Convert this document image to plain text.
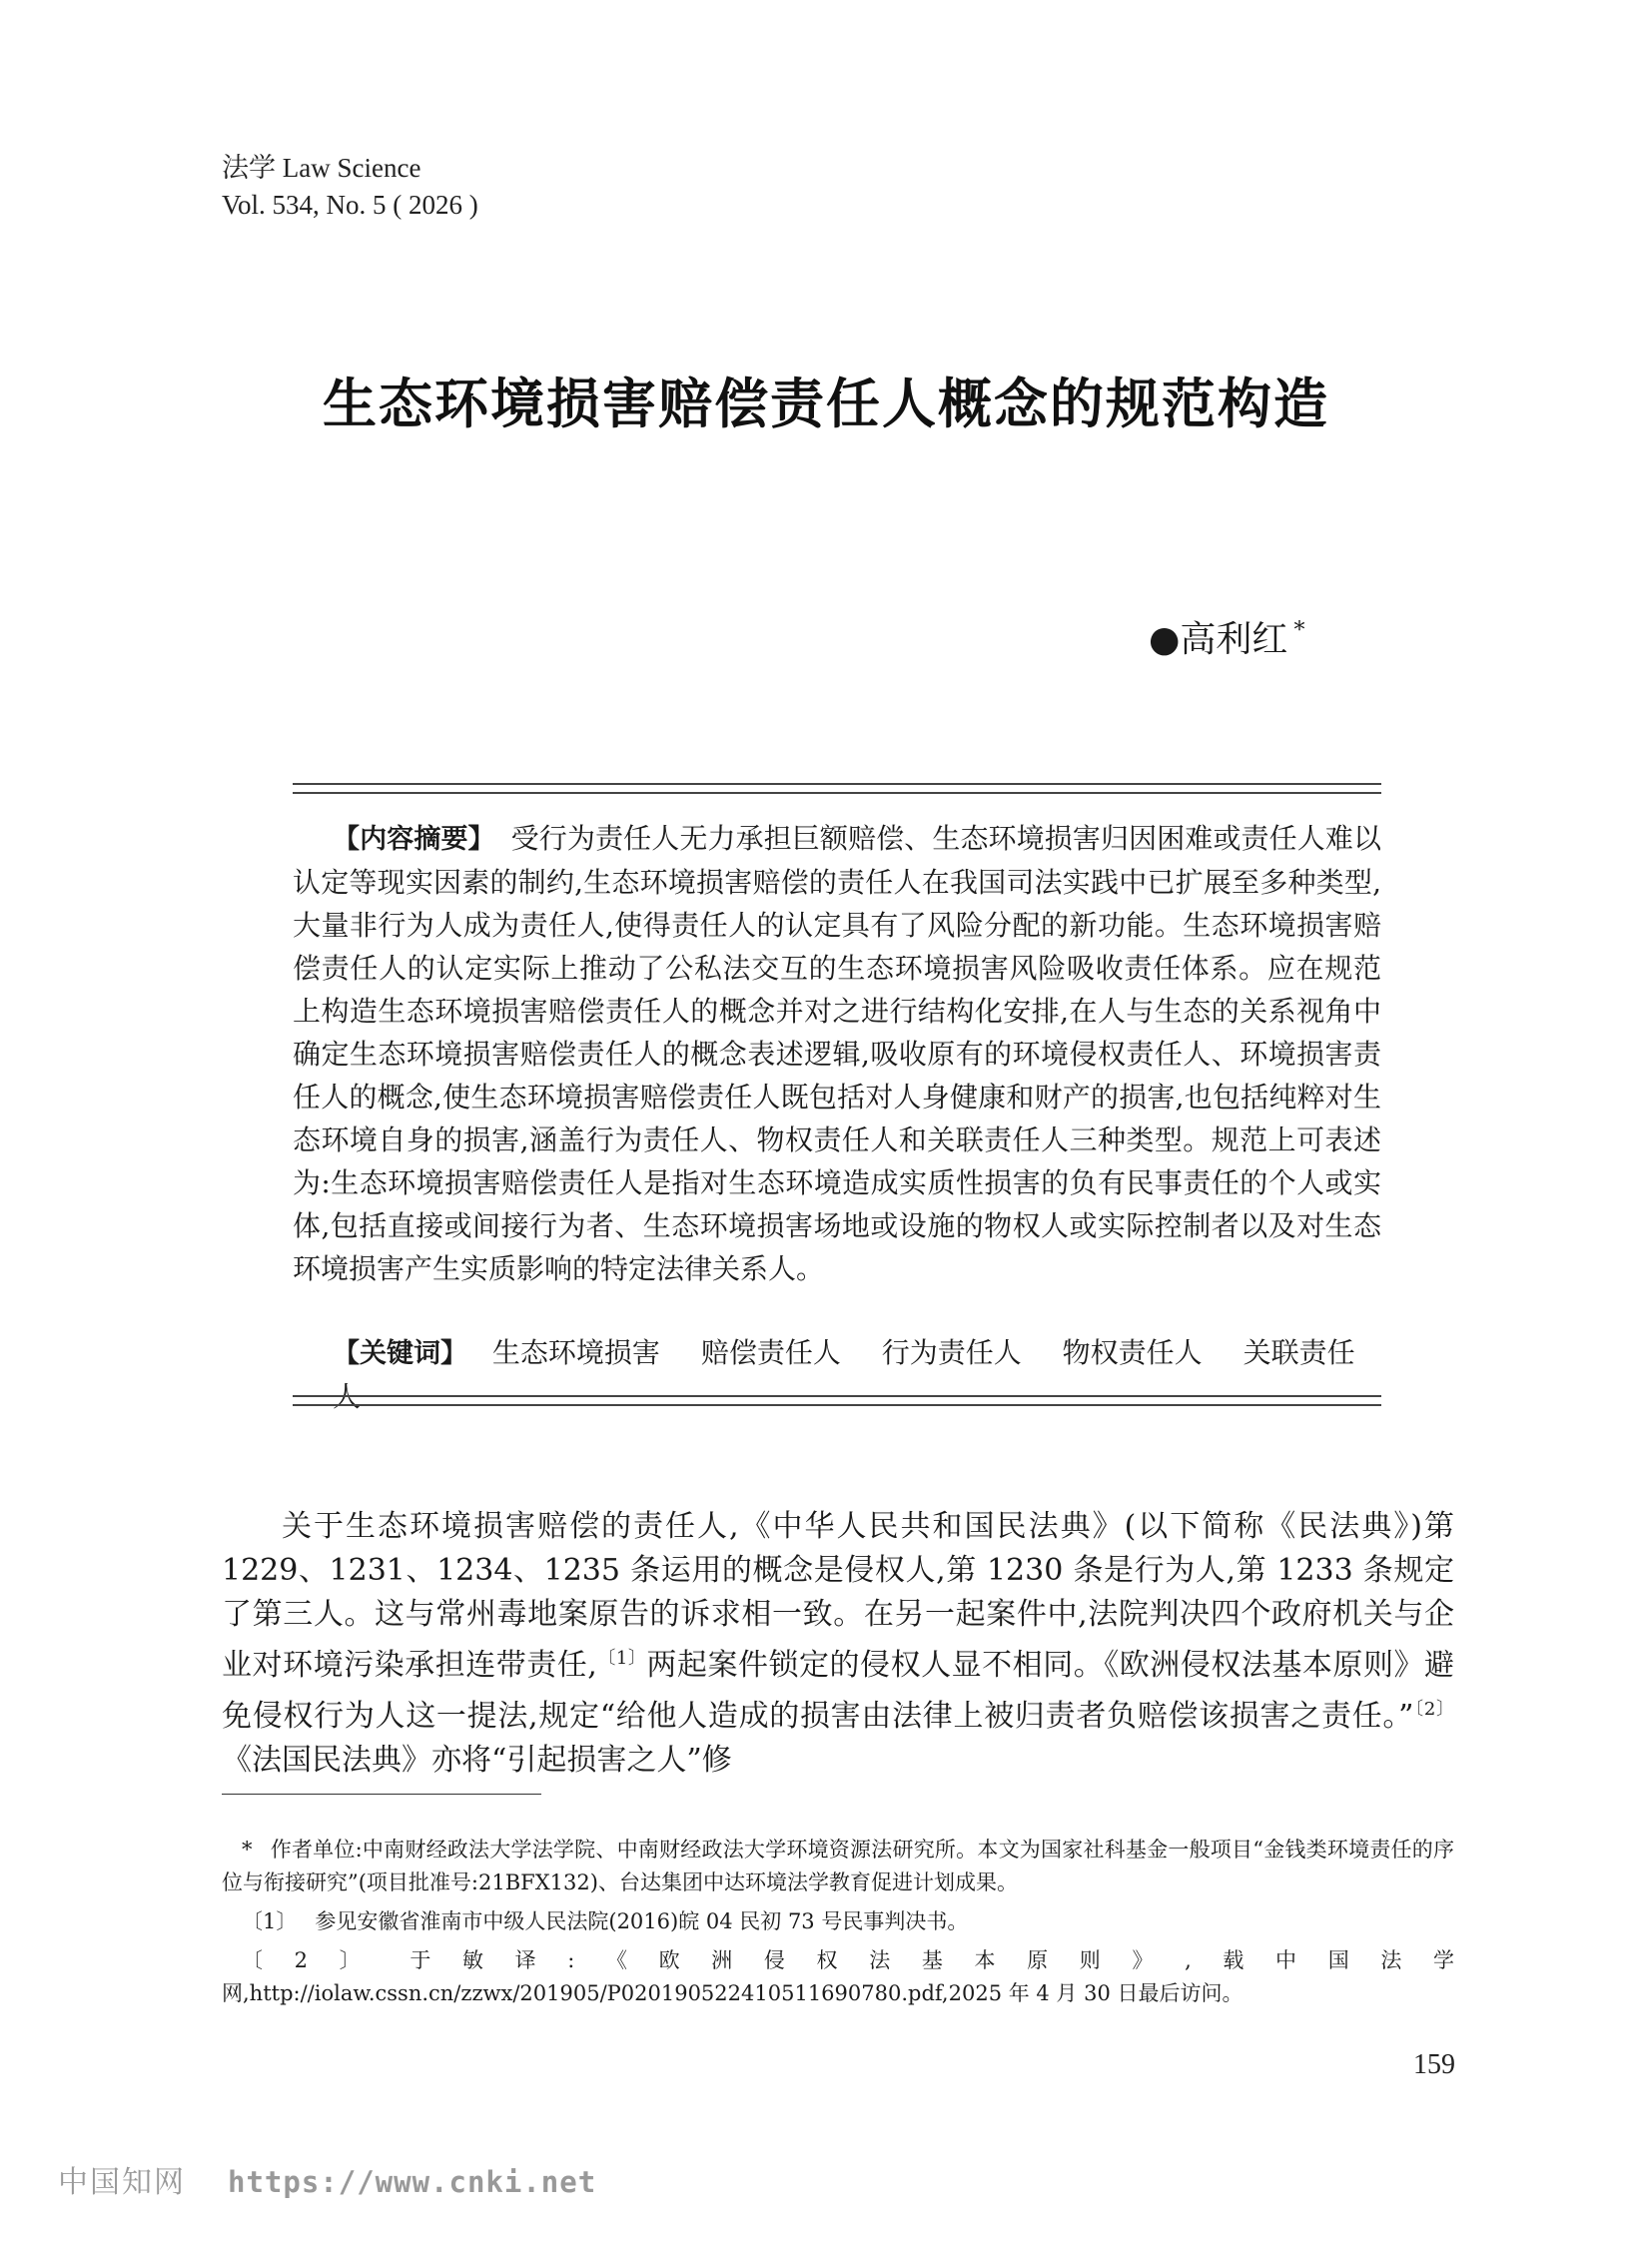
法学 Law Science
Vol. 534, No. 5 ( 2026 )
生态环境损害赔偿责任人概念的规范构造
●高利红 *
【内容摘要】 受行为责任人无力承担巨额赔偿、生态环境损害归因困难或责任人难以认定等现实因素的制约,生态环境损害赔偿的责任人在我国司法实践中已扩展至多种类型,大量非行为人成为责任人,使得责任人的认定具有了风险分配的新功能。生态环境损害赔偿责任人的认定实际上推动了公私法交互的生态环境损害风险吸收责任体系。应在规范上构造生态环境损害赔偿责任人的概念并对之进行结构化安排,在人与生态的关系视角中确定生态环境损害赔偿责任人的概念表述逻辑,吸收原有的环境侵权责任人、环境损害责任人的概念,使生态环境损害赔偿责任人既包括对人身健康和财产的损害,也包括纯粹对生态环境自身的损害,涵盖行为责任人、物权责任人和关联责任人三种类型。规范上可表述为:生态环境损害赔偿责任人是指对生态环境造成实质性损害的负有民事责任的个人或实体,包括直接或间接行为者、生态环境损害场地或设施的物权人或实际控制者以及对生态环境损害产生实质影响的特定法律关系人。
【关键词】 生态环境损害 赔偿责任人 行为责任人 物权责任人 关联责任人
关于生态环境损害赔偿的责任人,《中华人民共和国民法典》(以下简称《民法典》)第 1229、1231、1234、1235 条运用的概念是侵权人,第 1230 条是行为人,第 1233 条规定了第三人。这与常州毒地案原告的诉求相一致。在另一起案件中,法院判决四个政府机关与企业对环境污染承担连带责任,$^{〔1〕}$两起案件锁定的侵权人显不相同。《欧洲侵权法基本原则》避免侵权行为人这一提法,规定“给他人造成的损害由法律上被归责者负赔偿该损害之责任。”$^{〔2〕}$《法国民法典》亦将“引起损害之人”修
* 作者单位:中南财经政法大学法学院、中南财经政法大学环境资源法研究所。本文为国家社科基金一般项目“金钱类环境责任的序位与衔接研究”(项目批准号:21BFX132)、台达集团中达环境法学教育促进计划成果。
〔1〕 参见安徽省淮南市中级人民法院(2016)皖 04 民初 73 号民事判决书。
〔2〕 于敏译:《欧洲侵权法基本原则》,载中国法学网,http://iolaw.cssn.cn/zzwx/201905/P020190522410511690780.pdf,2025 年 4 月 30 日最后访问。
159
中国知网 https://www.cnki.net
